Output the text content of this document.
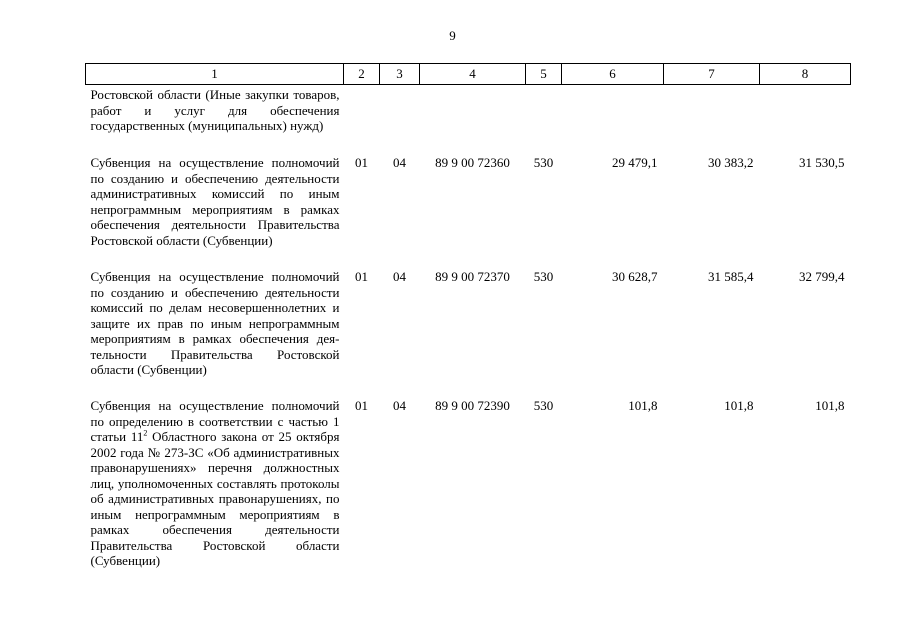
9
1	2	3	4	5	6	7	8
Ростовской области (Иные закупки товаров, работ и услуг для обеспечения государственных (муниципальных) нужд)							
Субвенция на осуществление полномочий по созданию и обеспечению деятельности административных комиссий по иным непрограммным мероприятиям в рамках обеспечения деятельности Правительства Ростовской области (Субвенции)	01	04	89 9 00 72360	530	29 479,1	30 383,2	31 530,5
Субвенция на осуществление полномочий по созданию и обеспечению деятельности комиссий по делам несовершеннолетних и защите их прав по иным непрограммным мероприятиям в рамках обеспечения деятельности Правительства Ростовской области (Субвенции)	01	04	89 9 00 72370	530	30 628,7	31 585,4	32 799,4
Субвенция на осуществление полномочий по определению в соответствии с частью 1 статьи $11^2$ Областного закона от 25 октября 2002 года № 273-ЗС «Об административных правонарушениях» перечня должностных лиц, уполномоченных составлять протоколы об административных правонарушениях, по иным непрограммным мероприятиям в рамках обеспечения деятельности Правительства Ростовской области (Субвенции)	01	04	89 9 00 72390	530	101,8	101,8	101,8
